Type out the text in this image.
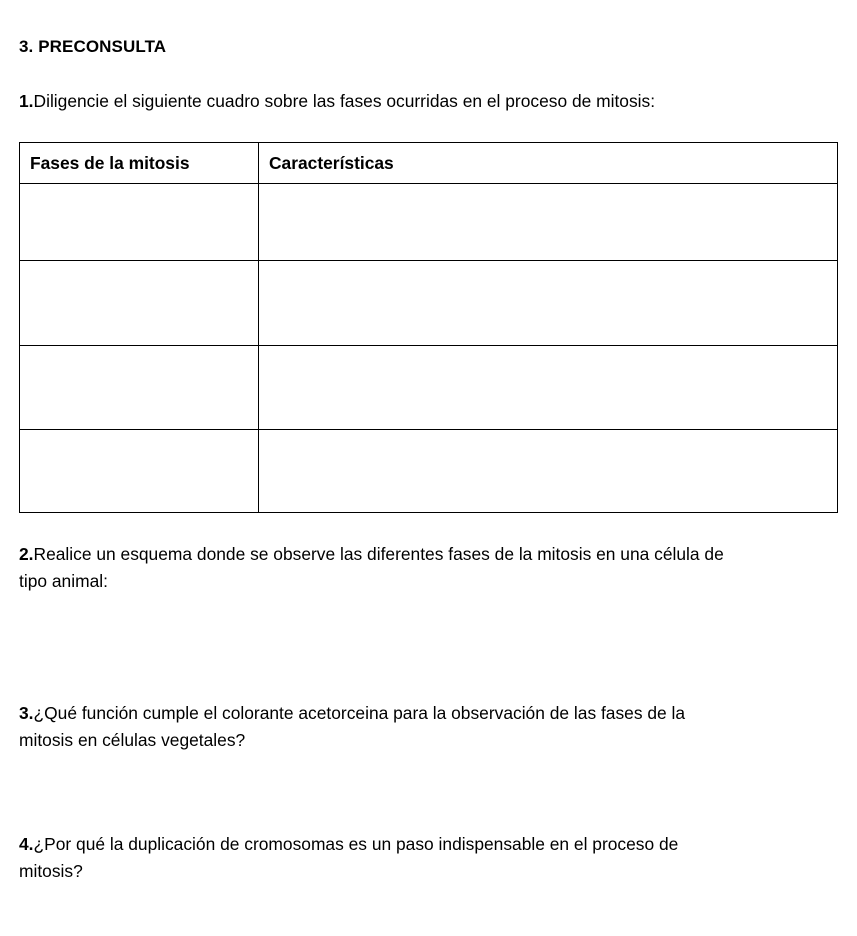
3. PRECONSULTA

1.Diligencie el siguiente cuadro sobre las fases ocurridas en el proceso de mitosis:

Fases de la mitosis	Características

2.Realice un esquema donde se observe las diferentes fases de la mitosis en una célula de
tipo animal:

3.¿Qué función cumple el colorante acetorceina para la observación de las fases de la
mitosis en células vegetales?

4.¿Por qué la duplicación de cromosomas es un paso indispensable en el proceso de
mitosis?
